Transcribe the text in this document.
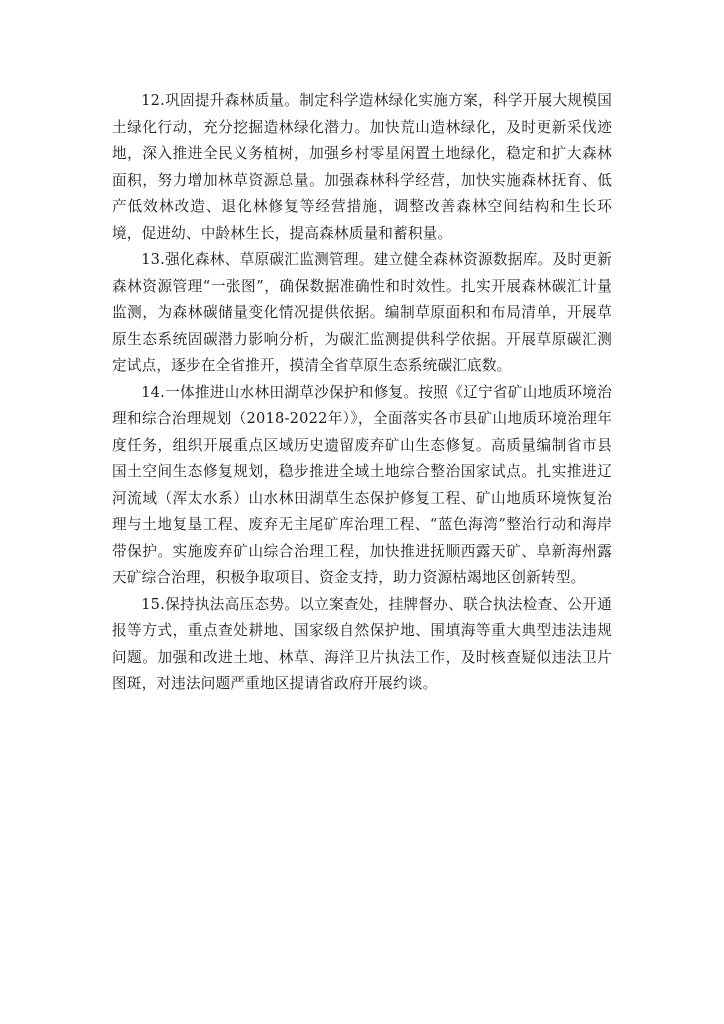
12.巩固提升森林质量。制定科学造林绿化实施方案，科学开展大规模国土绿化行动，充分挖掘造林绿化潜力。加快荒山造林绿化，及时更新采伐迹地，深入推进全民义务植树，加强乡村零星闲置土地绿化，稳定和扩大森林面积，努力增加林草资源总量。加强森林科学经营，加快实施森林抚育、低产低效林改造、退化林修复等经营措施，调整改善森林空间结构和生长环境，促进幼、中龄林生长，提高森林质量和蓄积量。

13.强化森林、草原碳汇监测管理。建立健全森林资源数据库。及时更新森林资源管理“一张图”，确保数据准确性和时效性。扎实开展森林碳汇计量监测，为森林碳储量变化情况提供依据。编制草原面积和布局清单，开展草原生态系统固碳潜力影响分析，为碳汇监测提供科学依据。开展草原碳汇测定试点，逐步在全省推开，摸清全省草原生态系统碳汇底数。

14.一体推进山水林田湖草沙保护和修复。按照《辽宁省矿山地质环境治理和综合治理规划（2018-2022年）》，全面落实各市县矿山地质环境治理年度任务，组织开展重点区域历史遗留废弃矿山生态修复。高质量编制省市县国土空间生态修复规划，稳步推进全域土地综合整治国家试点。扎实推进辽河流域（浑太水系）山水林田湖草生态保护修复工程、矿山地质环境恢复治理与土地复垦工程、废弃无主尾矿库治理工程、“蓝色海湾”整治行动和海岸带保护。实施废弃矿山综合治理工程，加快推进抚顺西露天矿、阜新海州露天矿综合治理，积极争取项目、资金支持，助力资源枯竭地区创新转型。

15.保持执法高压态势。以立案查处，挂牌督办、联合执法检查、公开通报等方式，重点查处耕地、国家级自然保护地、围填海等重大典型违法违规问题。加强和改进土地、林草、海洋卫片执法工作，及时核查疑似违法卫片图斑，对违法问题严重地区提请省政府开展约谈。
